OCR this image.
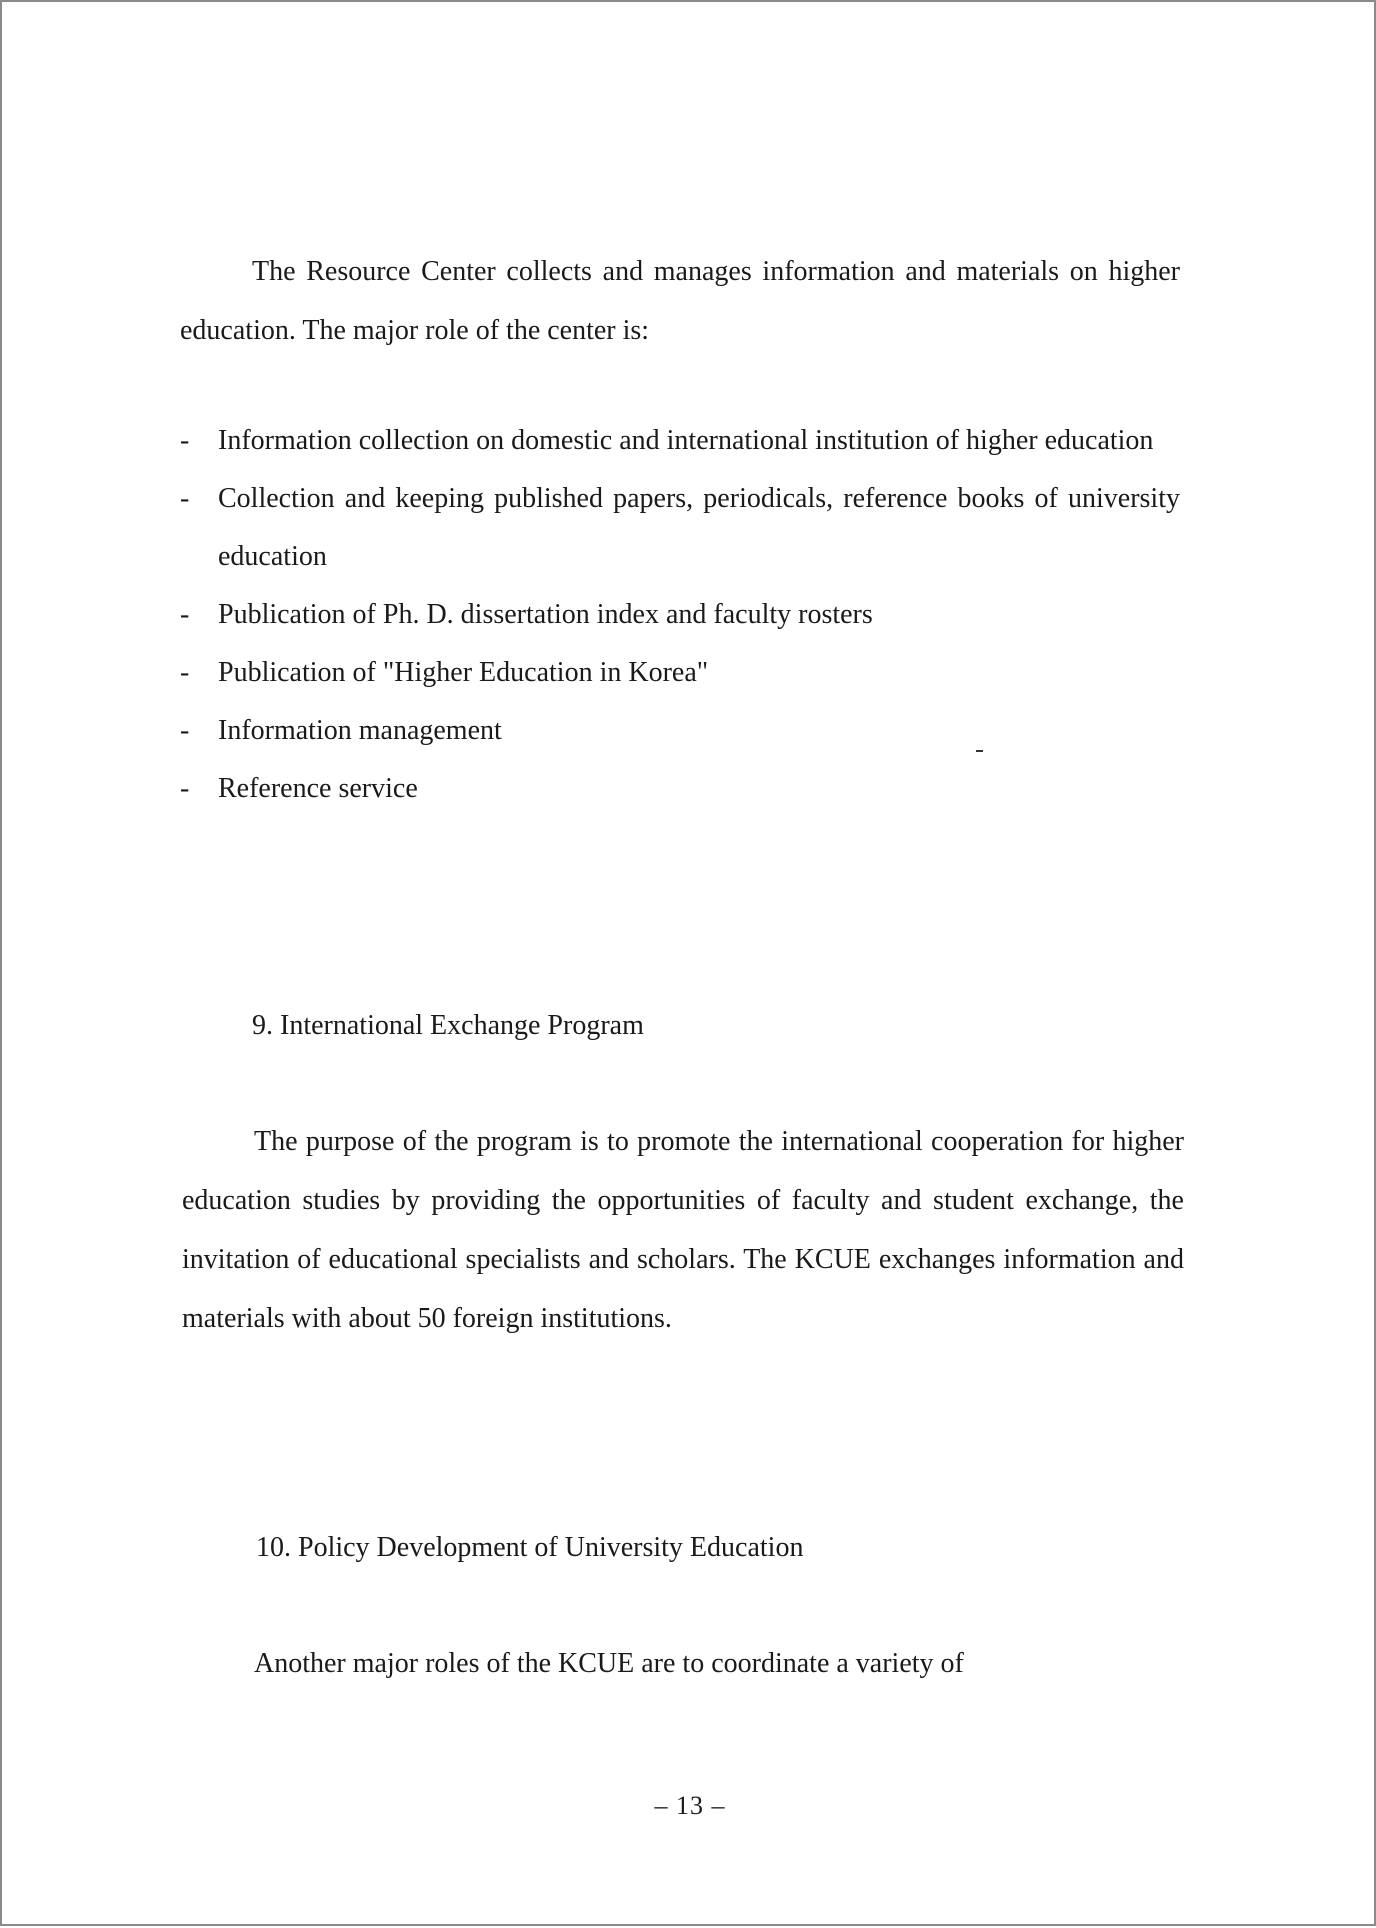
The Resource Center collects and manages information and materials on higher education. The major role of the center is:

- Information collection on domestic and international institution of higher education
- Collection and keeping published papers, periodicals, reference books of university education
- Publication of Ph. D. dissertation index and faculty rosters
- Publication of "Higher Education in Korea"
- Information management
- Reference service
9. International Exchange Program

The purpose of the program is to promote the international cooperation for higher education studies by providing the opportunities of faculty and student exchange, the invitation of educational specialists and scholars. The KCUE exchanges information and materials with about 50 foreign institutions.

10. Policy Development of University Education

Another major roles of the KCUE are to coordinate a variety of

– 13 –
